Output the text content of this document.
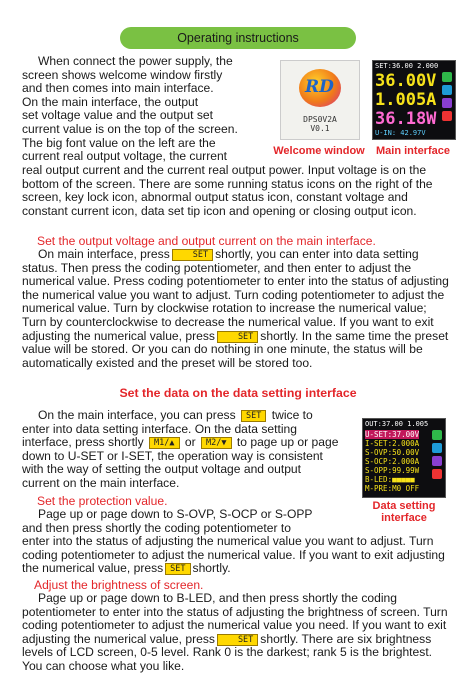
Operating instructions
When connect the power supply, the
screen shows welcome window firstly
and then comes into main interface.
On the main interface, the output
set voltage value and the output set
current value is on the top of the screen.
The big font value on the left are the
current real output voltage, the current
RD
DPS0V2A
V0.1
Welcome window
SET:36.00 2.000
36.00V
1.005A
36.18W
U-IN: 42.97V
Main interface

real output current and the current real output power. Input voltage is on the bottom of the screen. There are some running status icons on the right of the screen, key lock icon, abnormal output status icon, constant voltage and constant current icon, data set tip icon and opening or closing output icon.

Set the output voltage and output current on the main interface.

On main interface, press	SET shortly, you can enter into data setting status. Then press the coding potentiometer, and then enter to adjust the numerical value. Press coding potentiometer to enter into the status of adjusting the numerical value you want to adjust. Turn coding potentiometer to adjust the numerical value. Turn by clockwise rotation to increase the numerical value; Turn by counterclockwise to decrease the numerical value. If you want to exit adjusting the numerical value, press	SET shortly. In the same time the preset value will be stored. Or you can do nothing in one minute, the status will be automatically existed and the preset will be stored too.

Set the data on the data setting interface
On the main interface, you can press SET twice to
enter into data setting interface. On the data setting
interface, press shortly M1/▲ or M2/▼ to page up or page
down to U-SET or I-SET, the operation way is consistent
with the way of setting the output voltage and output
current on the main interface.
OUT:37.00 1.005
U-SET:37.00V
I-SET:2.000A
S-OVP:50.00V
S-OCP:2.000A
S-OPP:99.99W
B-LED:■■■■■
M-PRE:M0 OFF
Data setting interface
Set the protection value.
Page up or page down to S-OVP, S-OCP or S-OPP
and then press shortly the coding potentiometer to

enter into the status of adjusting the numerical value you want to adjust. Turn coding potentiometer to adjust the numerical value. If you want to exit adjusting the numerical value, press SET shortly.

Adjust the brightness of screen.

Page up or page down to B-LED, and then press shortly the coding potentiometer to enter into the status of adjusting the brightness of screen. Turn coding potentiometer to adjust the numerical value you need. If you want to exit adjusting the numerical value, press	SET shortly. There are six brightness levels of LCD screen, 0-5 level. Rank 0 is the darkest; rank 5 is the brightest. You can choose what you like.
